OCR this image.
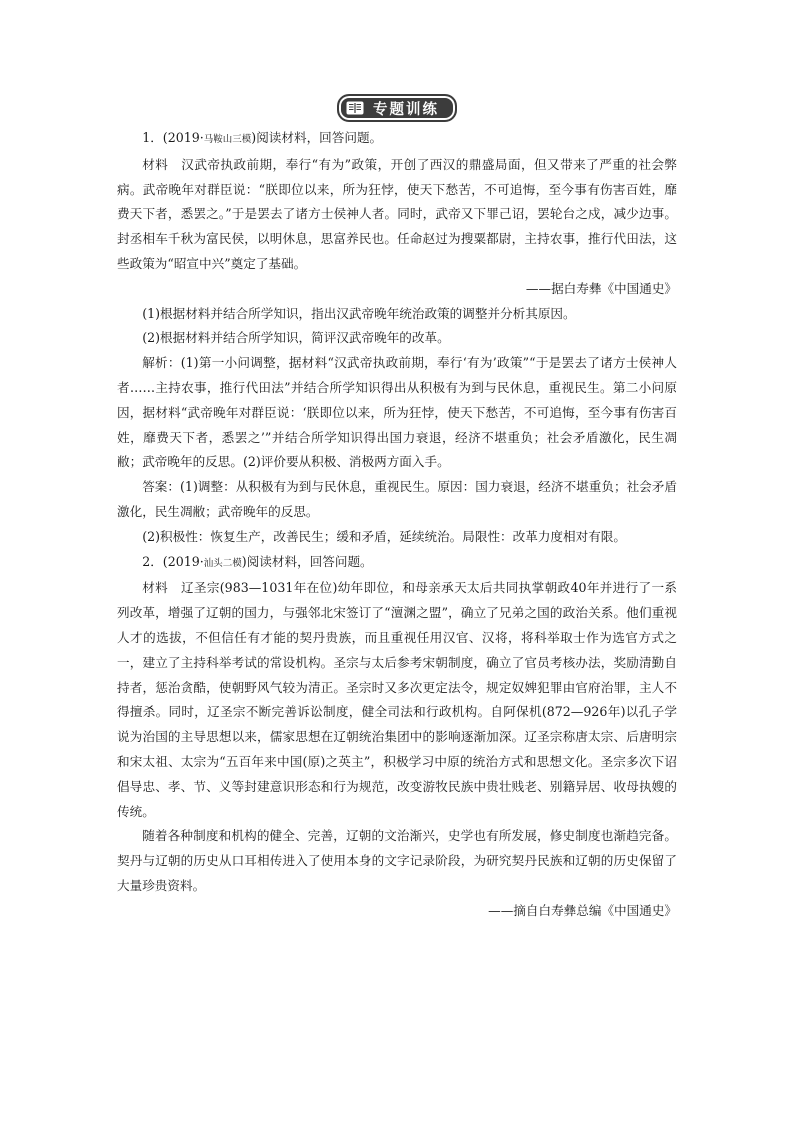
专题训练

1．(2019·马鞍山三模)阅读材料，回答问题。

材料　汉武帝执政前期，奉行“有为”政策，开创了西汉的鼎盛局面，但又带来了严重的社会弊病。武帝晚年对群臣说：“朕即位以来，所为狂悖，使天下愁苦，不可追悔，至今事有伤害百姓，靡费天下者，悉罢之。”于是罢去了诸方士侯神人者。同时，武帝又下罪己诏，罢轮台之戍，减少边事。封丞相车千秋为富民侯，以明休息，思富养民也。任命赵过为搜粟都尉，主持农事，推行代田法，这些政策为“昭宣中兴”奠定了基础。

——据白寿彝《中国通史》

(1)根据材料并结合所学知识，指出汉武帝晚年统治政策的调整并分析其原因。

(2)根据材料并结合所学知识，简评汉武帝晚年的改革。

解析：(1)第一小问调整，据材料“汉武帝执政前期，奉行‘有为’政策”“于是罢去了诸方士侯神人者……主持农事，推行代田法”并结合所学知识得出从积极有为到与民休息，重视民生。第二小问原因，据材料“武帝晚年对群臣说：‘朕即位以来，所为狂悖，使天下愁苦，不可追悔，至今事有伤害百姓，靡费天下者，悉罢之’”并结合所学知识得出国力衰退，经济不堪重负；社会矛盾激化，民生凋敝；武帝晚年的反思。(2)评价要从积极、消极两方面入手。

答案：(1)调整：从积极有为到与民休息，重视民生。原因：国力衰退，经济不堪重负；社会矛盾激化，民生凋敝；武帝晚年的反思。

(2)积极性：恢复生产，改善民生；缓和矛盾，延续统治。局限性：改革力度相对有限。

2．(2019·汕头二模)阅读材料，回答问题。

材料　辽圣宗(983—1031年在位)幼年即位，和母亲承天太后共同执掌朝政40年并进行了一系列改革，增强了辽朝的国力，与强邻北宋签订了“澶渊之盟”，确立了兄弟之国的政治关系。他们重视人才的选拔，不但信任有才能的契丹贵族，而且重视任用汉官、汉将，将科举取士作为选官方式之一，建立了主持科举考试的常设机构。圣宗与太后参考宋朝制度，确立了官员考核办法，奖励清勤自持者，惩治贪酷，使朝野风气较为清正。圣宗时又多次更定法令，规定奴婢犯罪由官府治罪，主人不得擅杀。同时，辽圣宗不断完善诉讼制度，健全司法和行政机构。自阿保机(872—926年)以孔子学说为治国的主导思想以来，儒家思想在辽朝统治集团中的影响逐渐加深。辽圣宗称唐太宗、后唐明宗和宋太祖、太宗为“五百年来中国(原)之英主”，积极学习中原的统治方式和思想文化。圣宗多次下诏倡导忠、孝、节、义等封建意识形态和行为规范，改变游牧民族中贵壮贱老、别籍异居、收母执嫂的传统。

随着各种制度和机构的健全、完善，辽朝的文治渐兴，史学也有所发展，修史制度也渐趋完备。契丹与辽朝的历史从口耳相传进入了使用本身的文字记录阶段，为研究契丹民族和辽朝的历史保留了大量珍贵资料。

——摘自白寿彝总编《中国通史》
